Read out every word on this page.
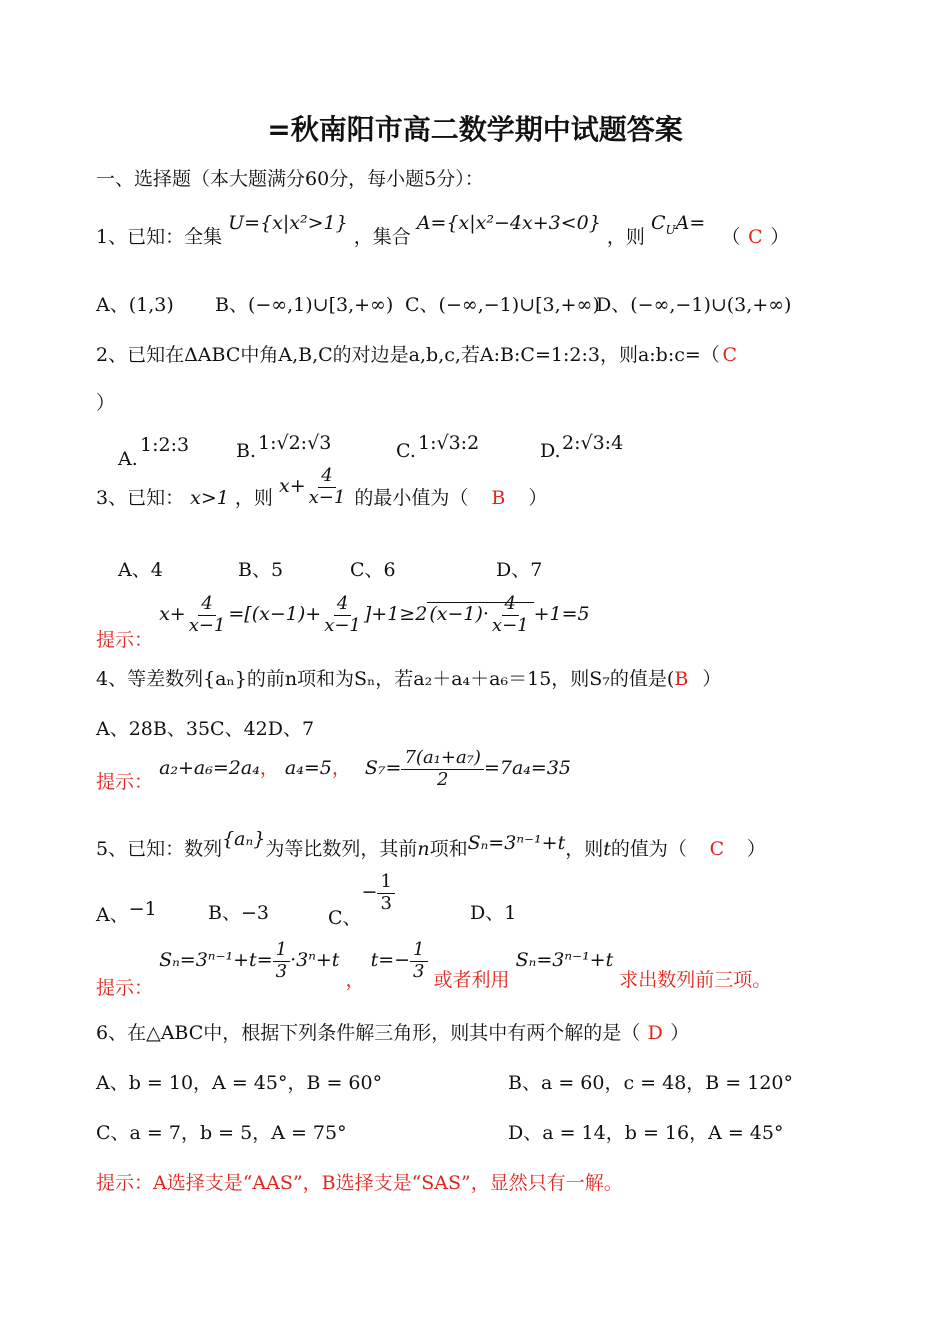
=秋南阳市高二数学期中试题答案
一、选择题（本大题满分60分，每小题5分）：
1、已知：全集 U={x|x²>1} ，集合 A={x|x²−4x+3<0} ，则 $C_UA=$ （ C ）
A、(1,3) B、(−∞,1)∪[3,+∞) C、(−∞,−1)∪[3,+∞)
D、(−∞,−1)∪(3,+∞)
2、已知在ΔABC中角A,B,C的对边是a,b,c,若A:B:C=1:2:3，则a:b:c=（ C
）
A.
1:2:3 B. 1:√2:√3	C. 1:√3:2	D. 2:√3:4
3、已知： x>1 ，则 $x+ \frac{4}{x-1}$ 的最小值为（ B ）
A、4	B、5	C、6	D、7
提示： $x+ \frac{4}{x-1} =[(x-1)+ \frac{4}{x-1} ]+1\ge 2$ $(x-1)\cdot \frac{4}{x-1} +1=5$
4、等差数列{aₙ}的前n项和为Sₙ，若a₂＋a₄＋a₆＝15，则S₇的值是(B ）
A、28B、35C、42D、7
提示： a₂+a₆=2a₄， a₄=5， $S_7= \frac{\text{7(a₁+a₇)}}{2} =7a_4=35$
5、已知：数列{aₙ}为等比数列，其前n项和Sₙ=3ⁿ⁻¹+t，则t的值为（ C ）
A、−1	B、−3	C、− $\frac{1}{3}$	D、1
提示： $S_n=3^{n-1}+t= \frac{1}{3} \cdot 3^n+t$ ， $t=- \frac{1}{3}$ 或者利用 Sₙ=3ⁿ⁻¹+t 求出数列前三项。
6、在△ABC中，根据下列条件解三角形，则其中有两个解的是（ D ）
A、b = 10，A = 45°，B = 60°	B、a = 60，c = 48，B = 120°
C、a = 7，b = 5，A = 75°	D、a = 14，b = 16，A = 45°
提示：A选择支是“AAS”，B选择支是“SAS”，显然只有一解。
